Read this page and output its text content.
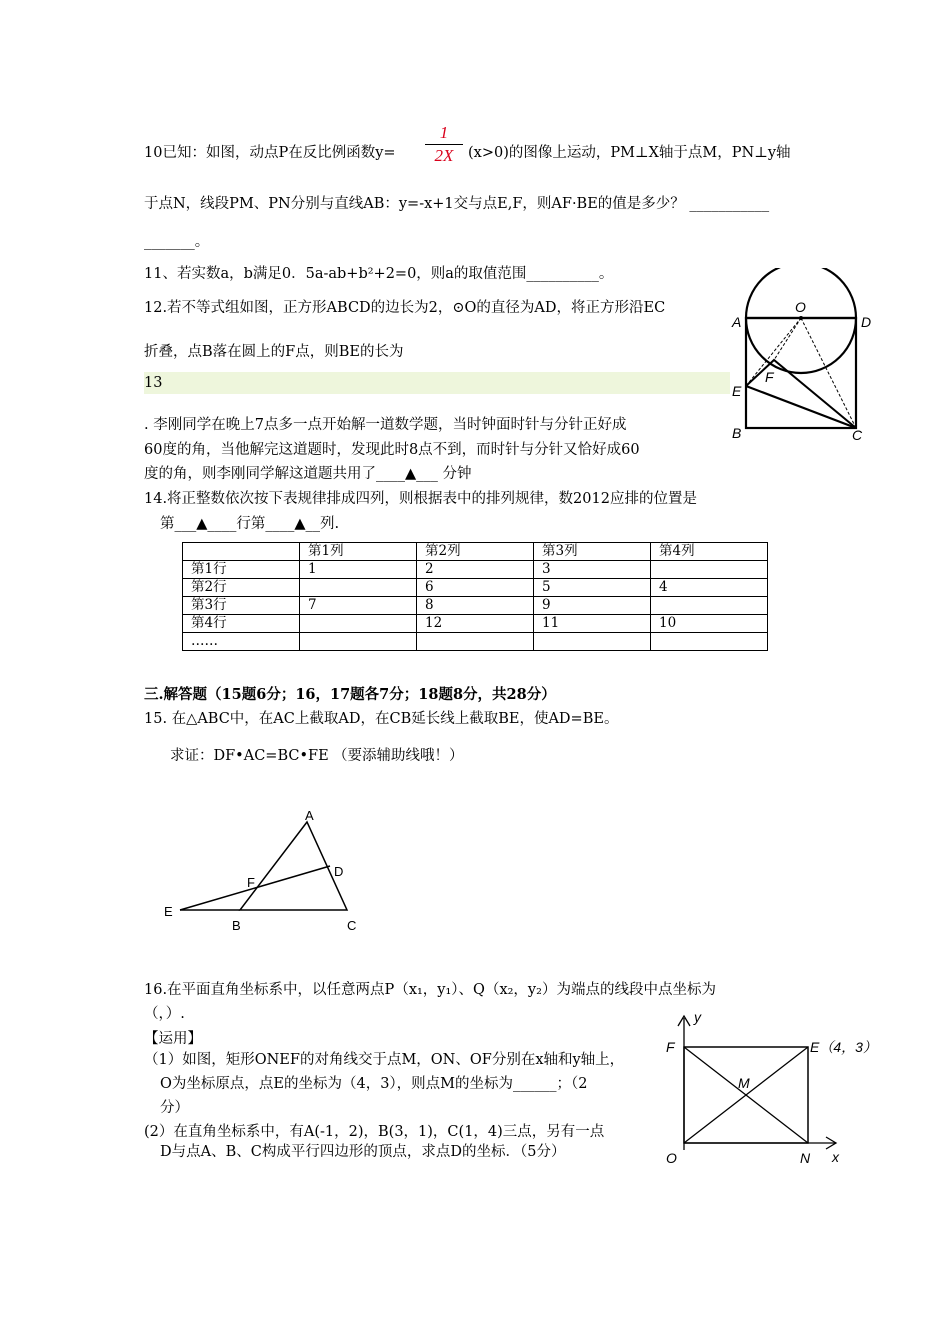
10已知：如图，动点P在反比例函数y=
1
2X	(x>0)的图像上运动，PM⊥X轴于点M，PN⊥y轴
于点N，线段PM、PN分别与直线AB：y=-x+1交与点E,F，则AF·BE的值是多少？ ___________
_______。
11、若实数a，b满足0．5a-ab+b²+2=0，则a的取值范围__________。
12.若不等式组如图，正方形ABCD的边长为2，⊙O的直径为AD，将正方形沿EC
折叠，点B落在圆上的F点，则BE的长为
13
. 李刚同学在晚上7点多一点开始解一道数学题，当时钟面时针与分针正好成
60度的角，当他解完这道题时，发现此时8点不到，而时针与分针又恰好成60
度的角，则李刚同学解这道题共用了____▲___ 分钟
A	D
O
E
F
B	C
14.将正整数依次按下表规律排成四列，则根据表中的排列规律，数2012应排的位置是
第___▲____行第____▲__列.
	第1列	第2列	第3列	第4列
第1行	1	2	3	
第2行		6	5	4
第3行	7	8	9	
第4行		12	11	10
……				
三.解答题（15题6分；16，17题各7分；18题8分，共28分）
15. 在△ABC中，在AC上截取AD，在CB延长线上截取BE，使AD=BE。
求证：DF•AC=BC•FE （要添辅助线哦！）
A
D
F
E
B	C
16.在平面直角坐标系中，以任意两点P（x₁，y₁）、Q（x₂，y₂）为端点的线段中点坐标为
（，）.
【运用】
（1）如图，矩形ONEF的对角线交于点M，ON、OF分别在x轴和y轴上，
O为坐标原点，点E的坐标为（4，3），则点M的坐标为______；（2
分）
(2）在直角坐标系中，有A(-1，2)，B(3，1)，C(1，4)三点，另有一点
D与点A、B、C构成平行四边形的顶点，求点D的坐标．（5分）
y
x
F	E（4，3）
M
O	N
